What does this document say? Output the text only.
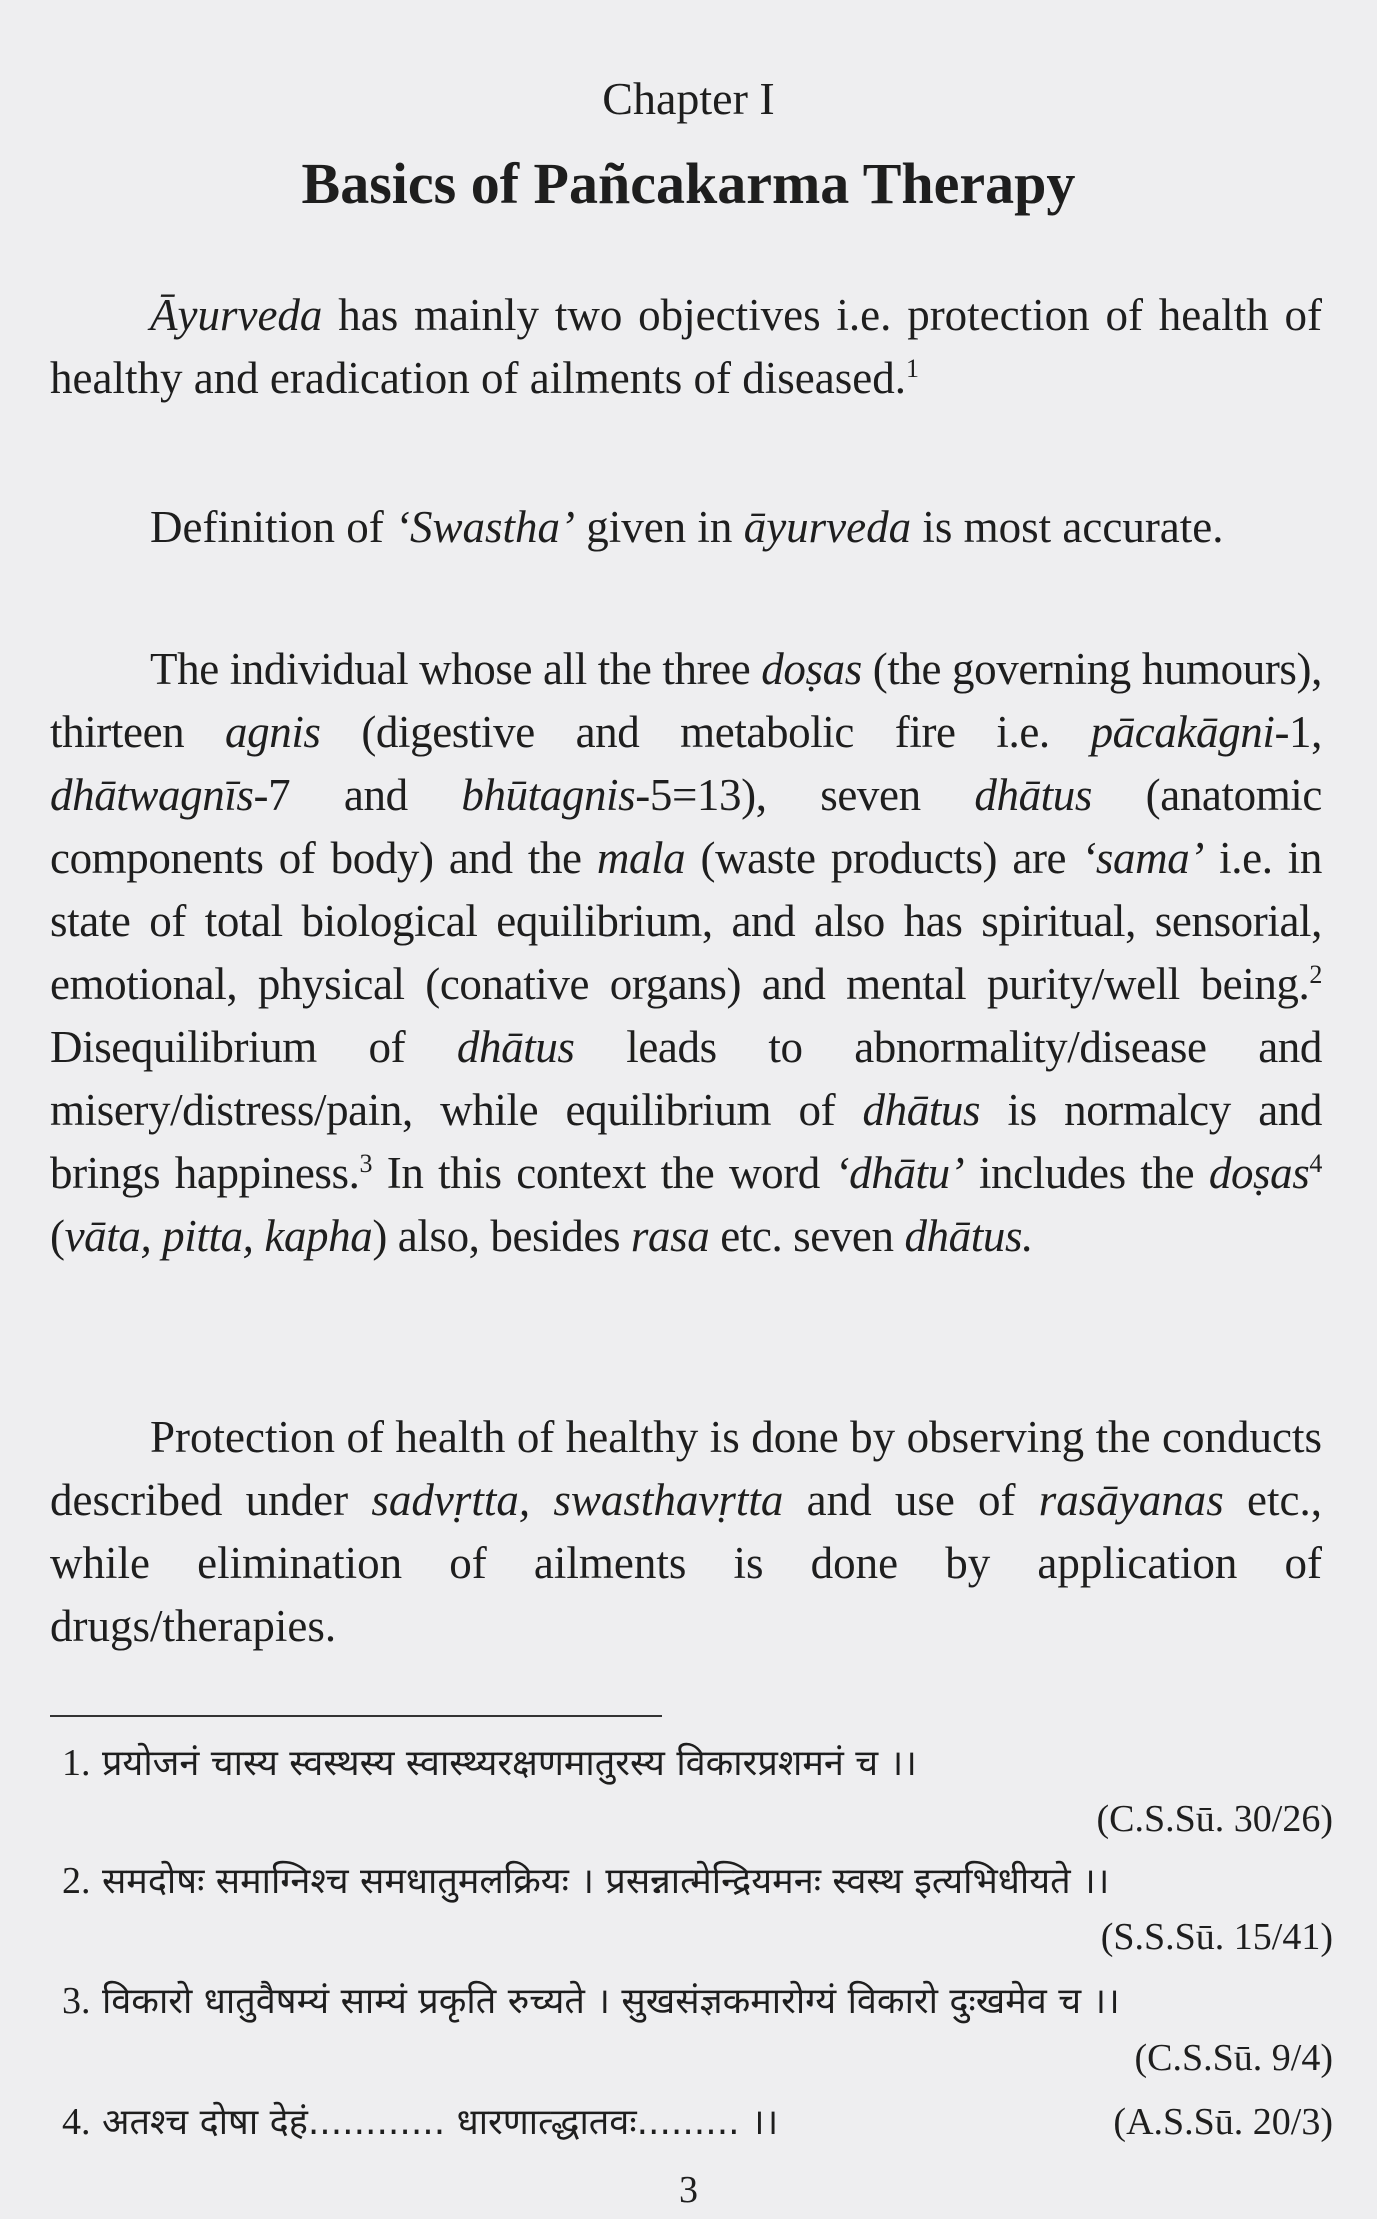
Chapter I
Basics of Pañcakarma Therapy

Āyurveda has mainly two objectives i.e. protection of health of healthy and eradication of ailments of diseased.$^1$

Definition of ‘Swastha’ given in āyurveda is most accurate.

The individual whose all the three doṣas (the governing humours), thirteen agnis (digestive and metabolic fire i.e. pācakāgni-1, dhātwagnīs-7 and bhūtagnis-5=13), seven dhātus (anatomic components of body) and the mala (waste products) are ‘sama’ i.e. in state of total biological equilibrium, and also has spiritual, sensorial, emotional, physical (conative organs) and mental purity/well being.$^2$ Disequilibrium of dhātus leads to abnormality/disease and misery/distress/pain, while equilibrium of dhātus is normalcy and brings happiness.$^3$ In this context the word ‘dhātu’ includes the doṣas$^4$ (vāta, pitta, kapha) also, besides rasa etc. seven dhātus.

Protection of health of healthy is done by observing the conducts described under sadvṛtta, swasthavṛtta and use of rasāyanas etc., while elimination of ailments is done by application of drugs/therapies.

1. प्रयोजनं चास्य स्वस्थस्य स्वास्थ्यरक्षणमातुरस्य विकारप्रशमनं च ।।
(C.S.Sū. 30/26)
2. समदोषः समाग्निश्च समधातुमलक्रियः । प्रसन्नात्मेन्द्रियमनः स्वस्थ इत्यभिधीयते ।।
(S.S.Sū. 15/41)
3. विकारो धातुवैषम्यं साम्यं प्रकृति रुच्यते । सुखसंज्ञकमारोग्यं विकारो दुःखमेव च ।।
(C.S.Sū. 9/4)
4. अतश्च दोषा देहं............ धारणात्द्धातवः......... ।।	(A.S.Sū. 20/3)
3
